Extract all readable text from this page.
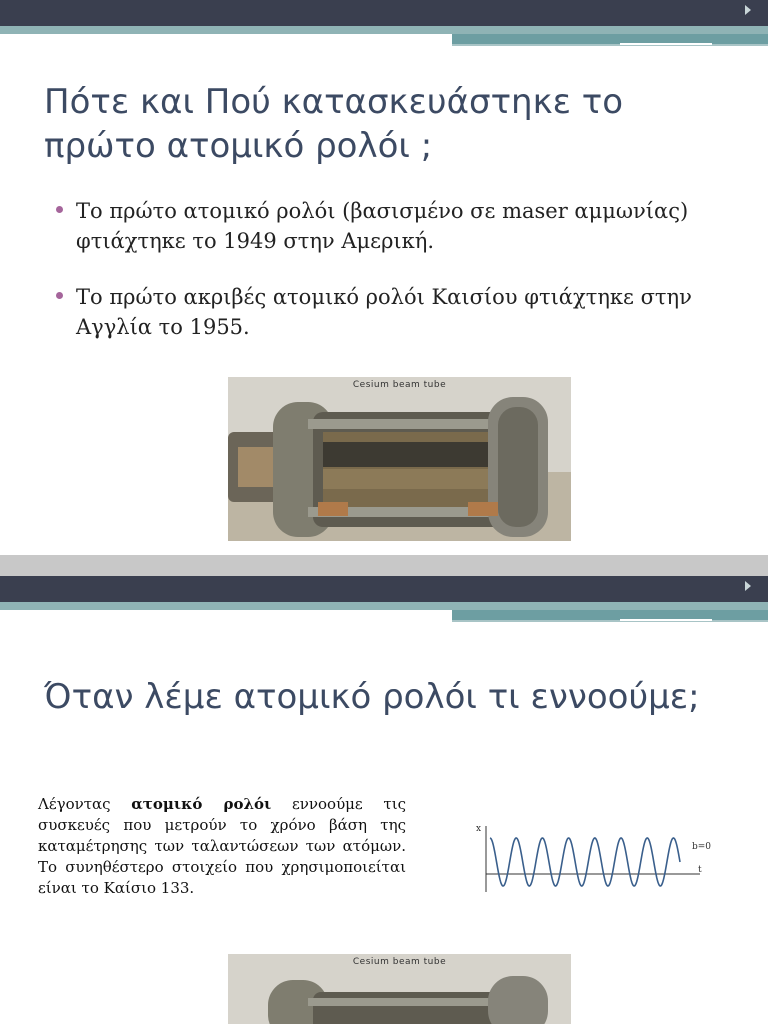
Πότε και Πού κατασκευάστηκε το πρώτο ατομικό ρολόι ;
Το πρώτο ατομικό ρολόι (βασισμένο σε maser αμμωνίας) φτιάχτηκε το 1949 στην Αμερική.
Το πρώτο ακριβές ατομικό ρολόι Καισίου φτιάχτηκε στην Αγγλία το 1955.
Cesium beam tube
Όταν λέμε ατομικό ρολόι τι εννοούμε;

Λέγοντας ατομικό ρολόι εννοούμε τις συσκευές που μετρούν το χρόνο βάση της καταμέτρησης των ταλαντώσεων των ατόμων. Το συνηθέστερο στοιχείο που χρησιμοποιείται είναι το Καίσιο 133.

x
t
b=0
Cesium beam tube
